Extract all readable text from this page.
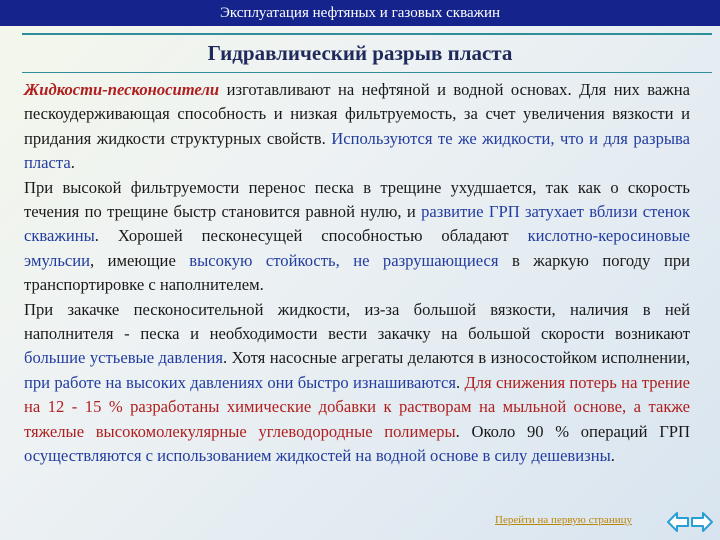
Эксплуатация нефтяных и газовых скважин
Гидравлический разрыв пласта

Жидкости-песконосители изготавливают на нефтяной и водной основах. Для них важна пескоудерживающая способность и низкая фильтруемость, за счет увеличения вязкости и придания жидкости структурных свойств. Используются те же жидкости, что и для разрыва пласта.

При высокой фильтруемости перенос песка в трещине ухудшается, так как о скорость течения по трещине быстр становится равной нулю, и развитие ГРП затухает вблизи стенок скважины. Хорошей песконесущей способностью обладают кислотно-керосиновые эмульсии, имеющие высокую стойкость, не разрушающиеся в жаркую погоду при транспортировке с наполнителем.

При закачке песконосительной жидкости, из-за большой вязкости, наличия в ней наполнителя - песка и необходимости вести закачку на большой скорости возникают большие устьевые давления. Хотя насосные агрегаты делаются в износостойком исполнении, при работе на высоких давлениях они быстро изнашиваются. Для снижения потерь на трение на 12 - 15 % разработаны химические добавки к растворам на мыльной основе, а также тяжелые высокомолекулярные углеводородные полимеры. Около 90 % операций ГРП осуществляются с использованием жидкостей на водной основе в силу дешевизны.

Перейти на первую страницу
